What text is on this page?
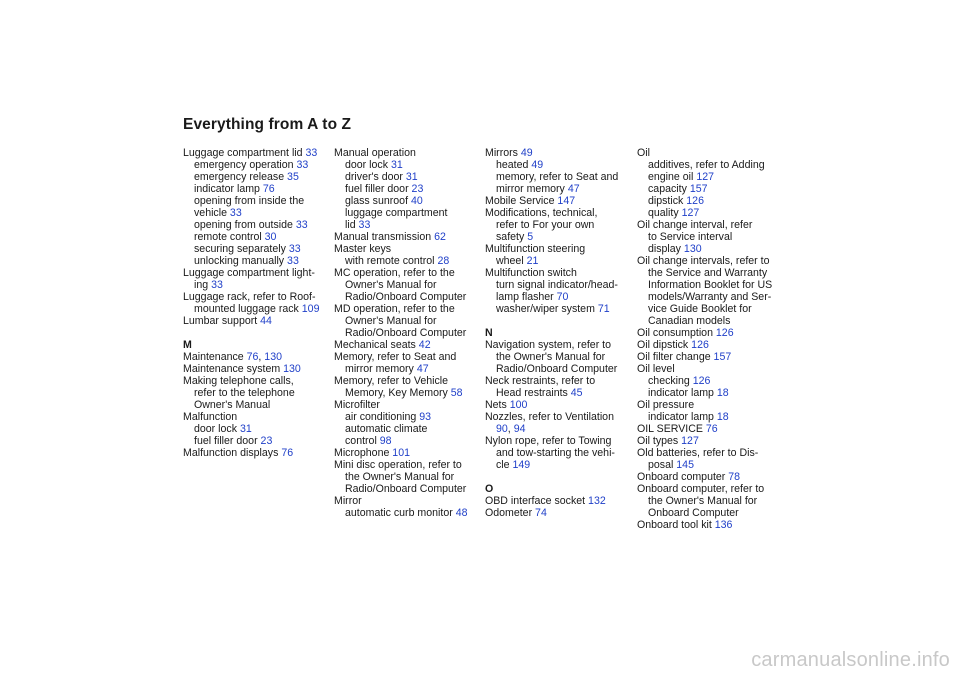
Everything from A to Z
Luggage compartment lid 33
emergency operation 33
emergency release 35
indicator lamp 76
opening from inside the
vehicle 33
opening from outside 33
remote control 30
securing separately 33
unlocking manually 33
Luggage compartment light-
ing 33
Luggage rack, refer to Roof-
mounted luggage rack 109
Lumbar support 44
M
Maintenance 76, 130
Maintenance system 130
Making telephone calls,
refer to the telephone
Owner's Manual
Malfunction
door lock 31
fuel filler door 23
Malfunction displays 76
Manual operation
door lock 31
driver's door 31
fuel filler door 23
glass sunroof 40
luggage compartment
lid 33
Manual transmission 62
Master keys
with remote control 28
MC operation, refer to the
Owner's Manual for
Radio/Onboard Computer
MD operation, refer to the
Owner's Manual for
Radio/Onboard Computer
Mechanical seats 42
Memory, refer to Seat and
mirror memory 47
Memory, refer to Vehicle
Memory, Key Memory 58
Microfilter
air conditioning 93
automatic climate
control 98
Microphone 101
Mini disc operation, refer to
the Owner's Manual for
Radio/Onboard Computer
Mirror
automatic curb monitor 48
Mirrors 49
heated 49
memory, refer to Seat and
mirror memory 47
Mobile Service 147
Modifications, technical,
refer to For your own
safety 5
Multifunction steering
wheel 21
Multifunction switch
turn signal indicator/head-
lamp flasher 70
washer/wiper system 71
N
Navigation system, refer to
the Owner's Manual for
Radio/Onboard Computer
Neck restraints, refer to
Head restraints 45
Nets 100
Nozzles, refer to Ventilation
90, 94
Nylon rope, refer to Towing
and tow-starting the vehi-
cle 149
O
OBD interface socket 132
Odometer 74
Oil
additives, refer to Adding
engine oil 127
capacity 157
dipstick 126
quality 127
Oil change interval, refer
to Service interval
display 130
Oil change intervals, refer to
the Service and Warranty
Information Booklet for US
models/Warranty and Ser-
vice Guide Booklet for
Canadian models
Oil consumption 126
Oil dipstick 126
Oil filter change 157
Oil level
checking 126
indicator lamp 18
Oil pressure
indicator lamp 18
OIL SERVICE 76
Oil types 127
Old batteries, refer to Dis-
posal 145
Onboard computer 78
Onboard computer, refer to
the Owner's Manual for
Onboard Computer
Onboard tool kit 136
carmanualsonline.info
